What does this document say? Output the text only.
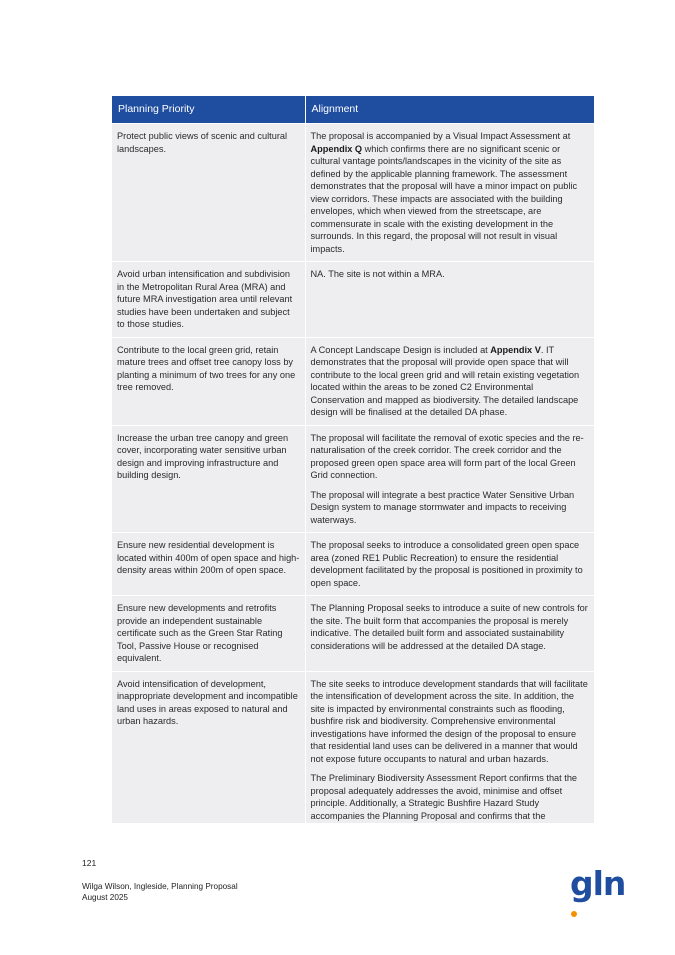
Planning Priority	Alignment
Protect public views of scenic and cultural landscapes.	The proposal is accompanied by a Visual Impact Assessment at Appendix Q which confirms there are no significant scenic or cultural vantage points/landscapes in the vicinity of the site as defined by the applicable planning framework. The assessment demonstrates that the proposal will have a minor impact on public view corridors. These impacts are associated with the building envelopes, which when viewed from the streetscape, are commensurate in scale with the existing development in the surrounds. In this regard, the proposal will not result in visual impacts.

Avoid urban intensification and subdivision in the Metropolitan Rural Area (MRA) and future MRA investigation area until relevant studies have been undertaken and subject to those studies.	NA. The site is not within a MRA.

Contribute to the local green grid, retain mature trees and offset tree canopy loss by planting a minimum of two trees for any one tree removed.	A Concept Landscape Design is included at Appendix V. IT demonstrates that the proposal will provide open space that will contribute to the local green grid and will retain existing vegetation located within the areas to be zoned C2 Environmental Conservation and mapped as biodiversity. The detailed landscape design will be finalised at the detailed DA phase.

Increase the urban tree canopy and green cover, incorporating water sensitive urban design and improving infrastructure and building design.	The proposal will facilitate the removal of exotic species and the re-naturalisation of the creek corridor. The creek corridor and the proposed green open space area will form part of the local Green Grid connection.

The proposal will integrate a best practice Water Sensitive Urban Design system to manage stormwater and impacts to receiving waterways.

Ensure new residential development is located within 400m of open space and high-density areas within 200m of open space.	The proposal seeks to introduce a consolidated green open space area (zoned RE1 Public Recreation) to ensure the residential development facilitated by the proposal is positioned in proximity to open space.

Ensure new developments and retrofits provide an independent sustainable certificate such as the Green Star Rating Tool, Passive House or recognised equivalent.	The Planning Proposal seeks to introduce a suite of new controls for the site. The built form that accompanies the proposal is merely indicative. The detailed built form and associated sustainability considerations will be addressed at the detailed DA stage.

Avoid intensification of development, inappropriate development and incompatible land uses in areas exposed to natural and urban hazards.	The site seeks to introduce development standards that will facilitate the intensification of development across the site. In addition, the site is impacted by environmental constraints such as flooding, bushfire risk and biodiversity. Comprehensive environmental investigations have informed the design of the proposal to ensure that residential land uses can be delivered in a manner that would not expose future occupants to natural and urban hazards.

The Preliminary Biodiversity Assessment Report confirms that the proposal adequately addresses the avoid, minimise and offset principle. Additionally, a Strategic Bushfire Hazard Study accompanies the Planning Proposal and confirms that the

121
Wilga Wilson, Ingleside, Planning Proposal
August 2025	gln
